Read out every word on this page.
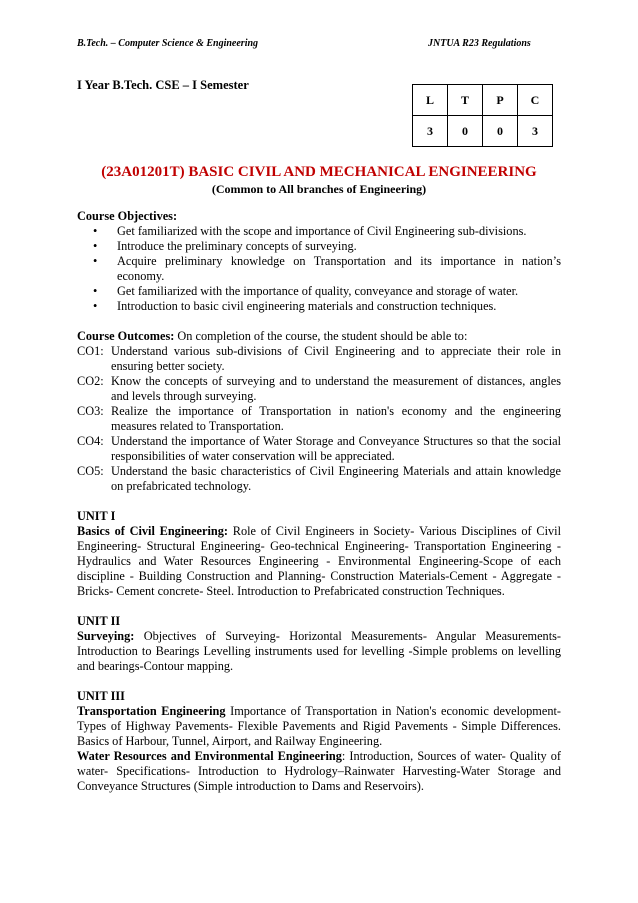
B.Tech. – Computer Science & Engineering	JNTUA R23 Regulations
I Year B.Tech. CSE – I Semester
L	T	P	C
3	0	0	3
(23A01201T) BASIC CIVIL AND MECHANICAL ENGINEERING
(Common to All branches of Engineering)
Course Objectives:
• Get familiarized with the scope and importance of Civil Engineering sub-divisions.
• Introduce the preliminary concepts of surveying.
• Acquire preliminary knowledge on Transportation and its importance in nation’s economy.
• Get familiarized with the importance of quality, conveyance and storage of water.
• Introduction to basic civil engineering materials and construction techniques.
Course Outcomes: On completion of the course, the student should be able to:
CO1: Understand various sub-divisions of Civil Engineering and to appreciate their role in ensuring better society.
CO2: Know the concepts of surveying and to understand the measurement of distances, angles and levels through surveying.
CO3: Realize the importance of Transportation in nation's economy and the engineering measures related to Transportation.
CO4: Understand the importance of Water Storage and Conveyance Structures so that the social responsibilities of water conservation will be appreciated.
CO5: Understand the basic characteristics of Civil Engineering Materials and attain knowledge on prefabricated technology.
UNIT I
Basics of Civil Engineering: Role of Civil Engineers in Society- Various Disciplines of Civil Engineering- Structural Engineering- Geo-technical Engineering- Transportation Engineering - Hydraulics and Water Resources Engineering - Environmental Engineering-Scope of each discipline - Building Construction and Planning- Construction Materials-Cement - Aggregate - Bricks- Cement concrete- Steel. Introduction to Prefabricated construction Techniques.
UNIT II
Surveying: Objectives of Surveying- Horizontal Measurements- Angular Measurements- Introduction to Bearings Levelling instruments used for levelling -Simple problems on levelling and bearings-Contour mapping.
UNIT III
Transportation Engineering Importance of Transportation in Nation's economic development- Types of Highway Pavements- Flexible Pavements and Rigid Pavements - Simple Differences. Basics of Harbour, Tunnel, Airport, and Railway Engineering.
Water Resources and Environmental Engineering: Introduction, Sources of water- Quality of water- Specifications- Introduction to Hydrology–Rainwater Harvesting-Water Storage and Conveyance Structures (Simple introduction to Dams and Reservoirs).
